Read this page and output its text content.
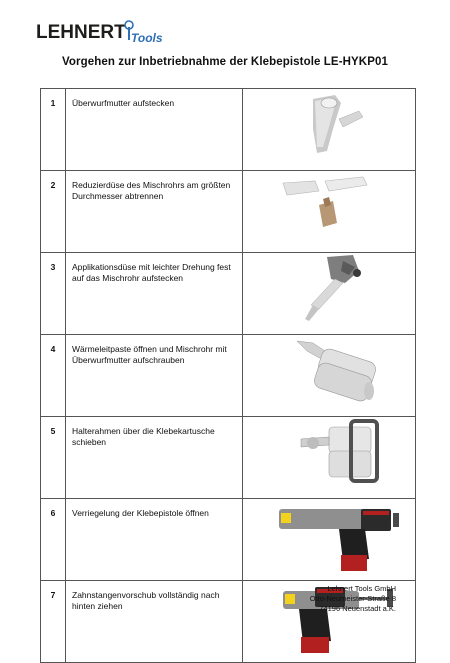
LEHNERT Tools
Vorgehen zur Inbetriebnahme der Klebepistole LE-HYKP01
1	Überwurfmutter aufstecken	

2	Reduzierdüse des Mischrohrs am größten Durchmesser abtrennen	

3	Applikationsdüse mit leichter Drehung fest auf das Mischrohr aufstecken	

4	Wärmeleitpaste öffnen und Mischrohr mit Überwurfmutter aufschrauben	

5	Halterahmen über die Klebekartusche schieben	

6	Verriegelung der Klebepistole öffnen	

7	Zahnstangenvorschub vollständig nach hinten ziehen	
Lehnert Tools GmbH
Otto-Neumeister-Straße 8
74196 Neuenstadt a.K.
